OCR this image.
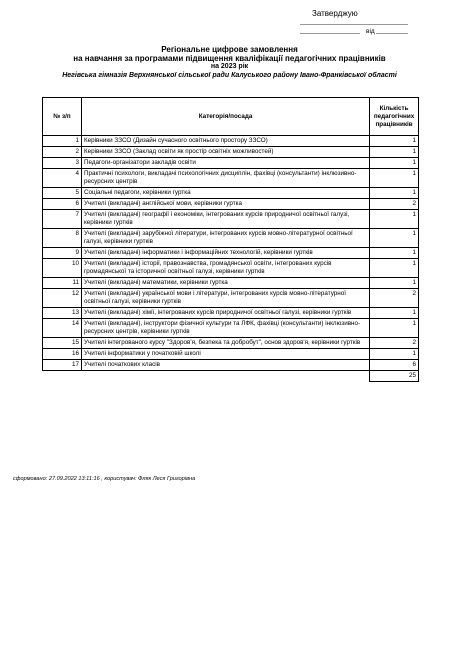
Затверджую
від
Регіональне цифрове замовлення
на навчання за програмами підвищення кваліфікації педагогічних працівників
на 2023 рік
Негівська гімназія Верхнянської сільської ради Калуського району Івано-Франківської області
№ з/п	Категорія/посада	Кількість педагогічних працівників
1	Керівники ЗЗСО (Дизайн сучасного освітнього простору ЗЗСО)	1
2	Керівники ЗЗСО (Заклад освіти як простір освітніх можливостей)	1
3	Педагоги-організатори закладів освіти	1
4	Практичні психологи, викладачі психологічних дисциплін, фахівці (консультанти) інклюзивно-ресурсних центрів	1
5	Соціальні педагоги, керівники гуртка	1
6	Учителі (викладачі) англійської мови, керівники гуртка	2
7	Учителі (викладачі) географії і економіки, інтегрованих курсів природничої освітньої галузі, керівники гуртків	1
8	Учителі (викладачі) зарубіжної літератури, інтегрованих курсів мовно-літературної освітньої галузі, керівники гуртків	1
9	Учителі (викладачі) інформатики і інформаційних технологій, керівники гуртків	1
10	Учителі (викладачі) історії, правознавства, громадянської освіти, інтегрованих курсів громадянської та історичної освітньої галузі, керівники гуртків	1
11	Учителі (викладачі) математики, керівники гуртка	1
12	Учителі (викладачі) української мови і літератури, інтегрованих курсів мовно-літературної освітньої галузі, керівники гуртків	2
13	Учителі (викладачі) хімії, інтегрованих курсів природничої освітньої галузі, керівники гуртків	1
14	Учителі (викладачі), інструктори фізичної культури та ЛФК, фахівці (консультанти) інклюзивно-ресурсних центрів, керівники гуртків	1
15	Учителі інтегрованого курсу "Здоров'я, безпека та добробут", основ здоров'я, керівники гуртків	2
16	Учителі інформатики у початковій школі	1
17	Учителі початкових класів	6
		25
сформовано: 27.09.2022 13:11:16 , користувач: Фляк Леся Григорівна
